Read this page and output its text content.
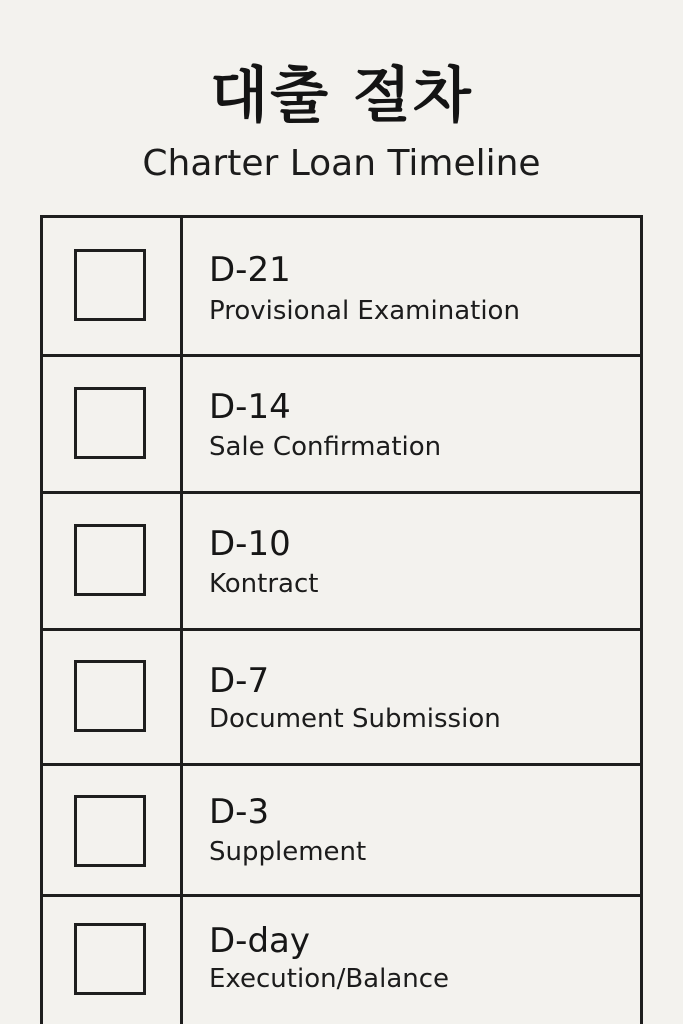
대출 절차
Charter Loan Timeline
D-21
Provisional Examination
D-14
Sale Confirmation
D-10
Kontract
D-7
Document Submission
D-3
Supplement
D-day
Execution/Balance
